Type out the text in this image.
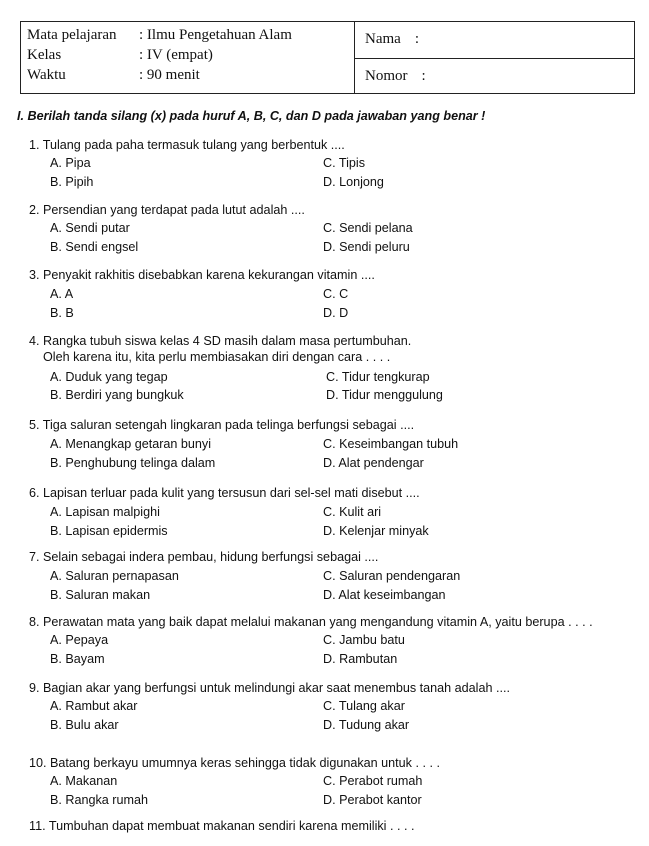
Mata pelajaran : Ilmu Pengetahuan Alam
Kelas	: IV (empat)
Waktu	: 90 menit
Nama :
Nomor :
I. Berilah tanda silang (x) pada huruf A, B, C, dan D pada jawaban yang benar !
1. Tulang pada paha termasuk tulang yang berbentuk ....
A. Pipa	C. Tipis
B. Pipih	D. Lonjong
2. Persendian yang terdapat pada lutut adalah ....
A. Sendi putar	C. Sendi pelana
B. Sendi engsel	D. Sendi peluru
3. Penyakit rakhitis disebabkan karena kekurangan vitamin ....
A. A	C. C
B. B	D. D
4. Rangka tubuh siswa kelas 4 SD masih dalam masa pertumbuhan.
Oleh karena itu, kita perlu membiasakan diri dengan cara . . . .
A. Duduk yang tegap	C. Tidur tengkurap
B. Berdiri yang bungkuk	D. Tidur menggulung
5. Tiga saluran setengah lingkaran pada telinga berfungsi sebagai ....
A. Menangkap getaran bunyi	C. Keseimbangan tubuh
B. Penghubung telinga dalam	D. Alat pendengar
6. Lapisan terluar pada kulit yang tersusun dari sel-sel mati disebut ....
A. Lapisan malpighi	C. Kulit ari
B. Lapisan epidermis	D. Kelenjar minyak
7. Selain sebagai indera pembau, hidung berfungsi sebagai ....
A. Saluran pernapasan	C. Saluran pendengaran
B. Saluran makan	D. Alat keseimbangan
8. Perawatan mata yang baik dapat melalui makanan yang mengandung vitamin A, yaitu berupa . . . .
A. Pepaya	C. Jambu batu
B. Bayam	D. Rambutan
9. Bagian akar yang berfungsi untuk melindungi akar saat menembus tanah adalah ....
A. Rambut akar	C. Tulang akar
B. Bulu akar	D. Tudung akar
10. Batang berkayu umumnya keras sehingga tidak digunakan untuk . . . .
A. Makanan	C. Perabot rumah
B. Rangka rumah	D. Perabot kantor
11. Tumbuhan dapat membuat makanan sendiri karena memiliki . . . .
